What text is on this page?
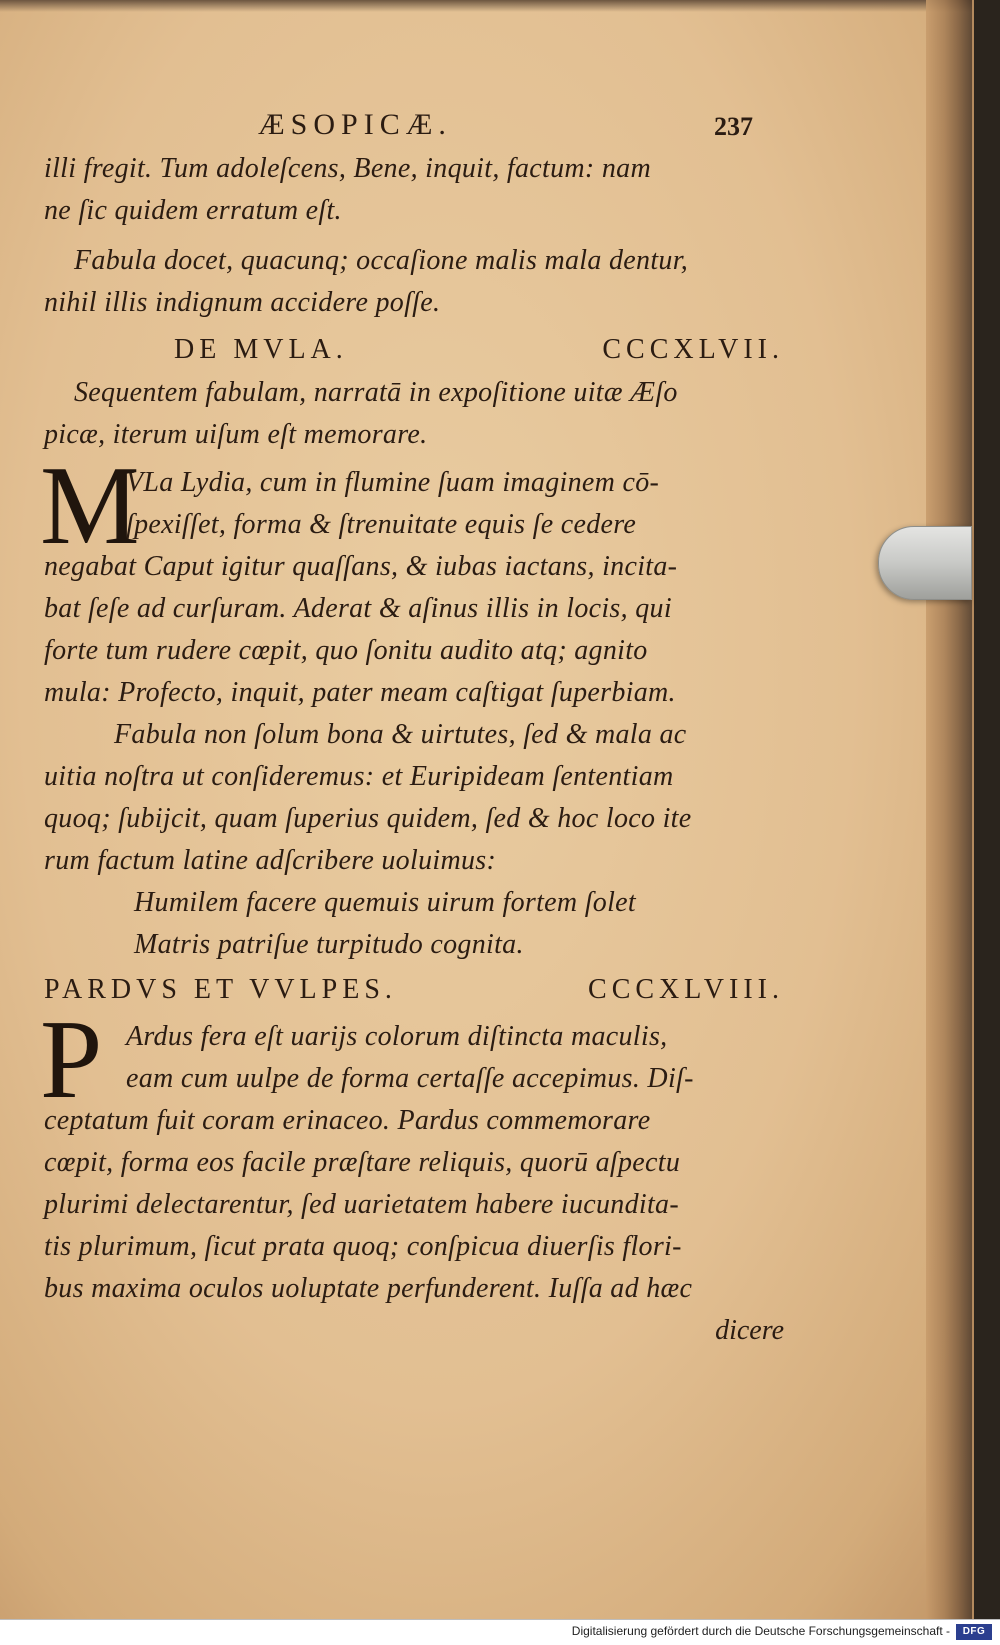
ÆSOPICÆ.	237
illi fregit. Tum adoleſcens, Bene, inquit, factum: nam
ne ſic quidem erratum eſt.
Fabula docet, quacunq; occaſione malis mala dentur,
nihil illis indignum accidere poſſe.
DE MVLA.	CCCXLVII.
Sequentem fabulam, narratā in expoſitione uitæ Æſo
picæ, iterum uiſum eſt memorare.
M
VLa Lydia, cum in flumine ſuam imaginem cō-
ſpexiſſet, forma & ſtrenuitate equis ſe cedere
negabat Caput igitur quaſſans, & iubas iactans, incita-
bat ſeſe ad curſuram. Aderat & aſinus illis in locis, qui
forte tum rudere cœpit, quo ſonitu audito atq; agnito
mula: Profecto, inquit, pater meam caſtigat ſuperbiam.
Fabula non ſolum bona & uirtutes, ſed & mala ac
uitia noſtra ut conſideremus: et Euripideam ſententiam
quoq; ſubijcit, quam ſuperius quidem, ſed & hoc loco ite
rum factum latine adſcribere uoluimus:
Humilem facere quemuis uirum fortem ſolet
Matris patriſue turpitudo cognita.
PARDVS ET VVLPES.	CCCXLVIII.
P Ardus fera eſt uarijs colorum diſtincta maculis,
eam cum uulpe de forma certaſſe accepimus. Diſ-
ceptatum fuit coram erinaceo. Pardus commemorare
cœpit, forma eos facile præſtare reliquis, quorū aſpectu
plurimi delectarentur, ſed uarietatem habere iucundita-
tis plurimum, ſicut prata quoq; conſpicua diuerſis flori-
bus maxima oculos uoluptate perfunderent. Iuſſa ad hæc
dicere
Digitalisierung gefördert durch die Deutsche Forschungsgemeinschaft -	DFG
